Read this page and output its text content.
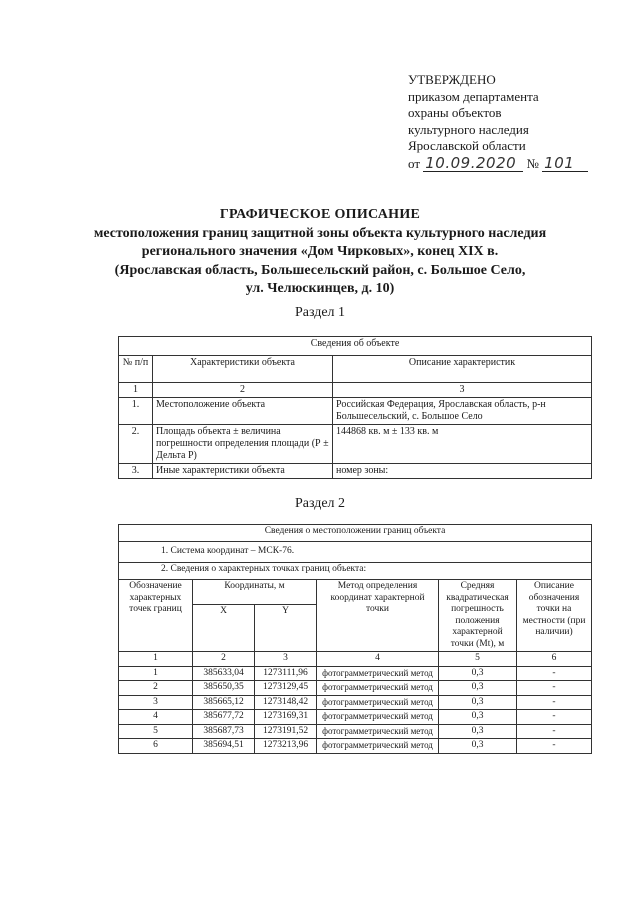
УТВЕРЖДЕНО
приказом департамента
охраны объектов
культурного наследия
Ярославской области
от 10.09.2020 № 101
ГРАФИЧЕСКОЕ ОПИСАНИЕ
местоположения границ защитной зоны объекта культурного наследия
регионального значения «Дом Чирковых», конец XIX в.
(Ярославская область, Большесельский район, с. Большое Село,
ул. Челюскинцев, д. 10)
Раздел 1
Сведения об объекте		
№ п/п	Характеристики объекта	Описание характеристик
1	2	3
1.	Местоположение объекта	Российская Федерация, Ярославская область, р-н Большесельский, с. Большое Село
2.	Площадь объекта ± величина погрешности определения площади (Р ± Дельта Р)	144868 кв. м ± 133 кв. м
3.	Иные характеристики объекта	номер зоны:
Раздел 2
Сведения о местоположении границ объекта					
1. Система координат – МСК-76.					
2. Сведения о характерных точках границ объекта:					
Обозначение характерных точек границ	Координаты, м		Метод определения координат характерной точки	Средняя квадратическая погрешность положения характерной точки (Mt), м	Описание обозначения точки на местности (при наличии)
	X	Y			
1	2	3	4	5	6
1	385633,04	1273111,96	фотограмметрический метод	0,3	-
2	385650,35	1273129,45	фотограмметрический метод	0,3	-
3	385665,12	1273148,42	фотограмметрический метод	0,3	-
4	385677,72	1273169,31	фотограмметрический метод	0,3	-
5	385687,73	1273191,52	фотограмметрический метод	0,3	-
6	385694,51	1273213,96	фотограмметрический метод	0,3	-
